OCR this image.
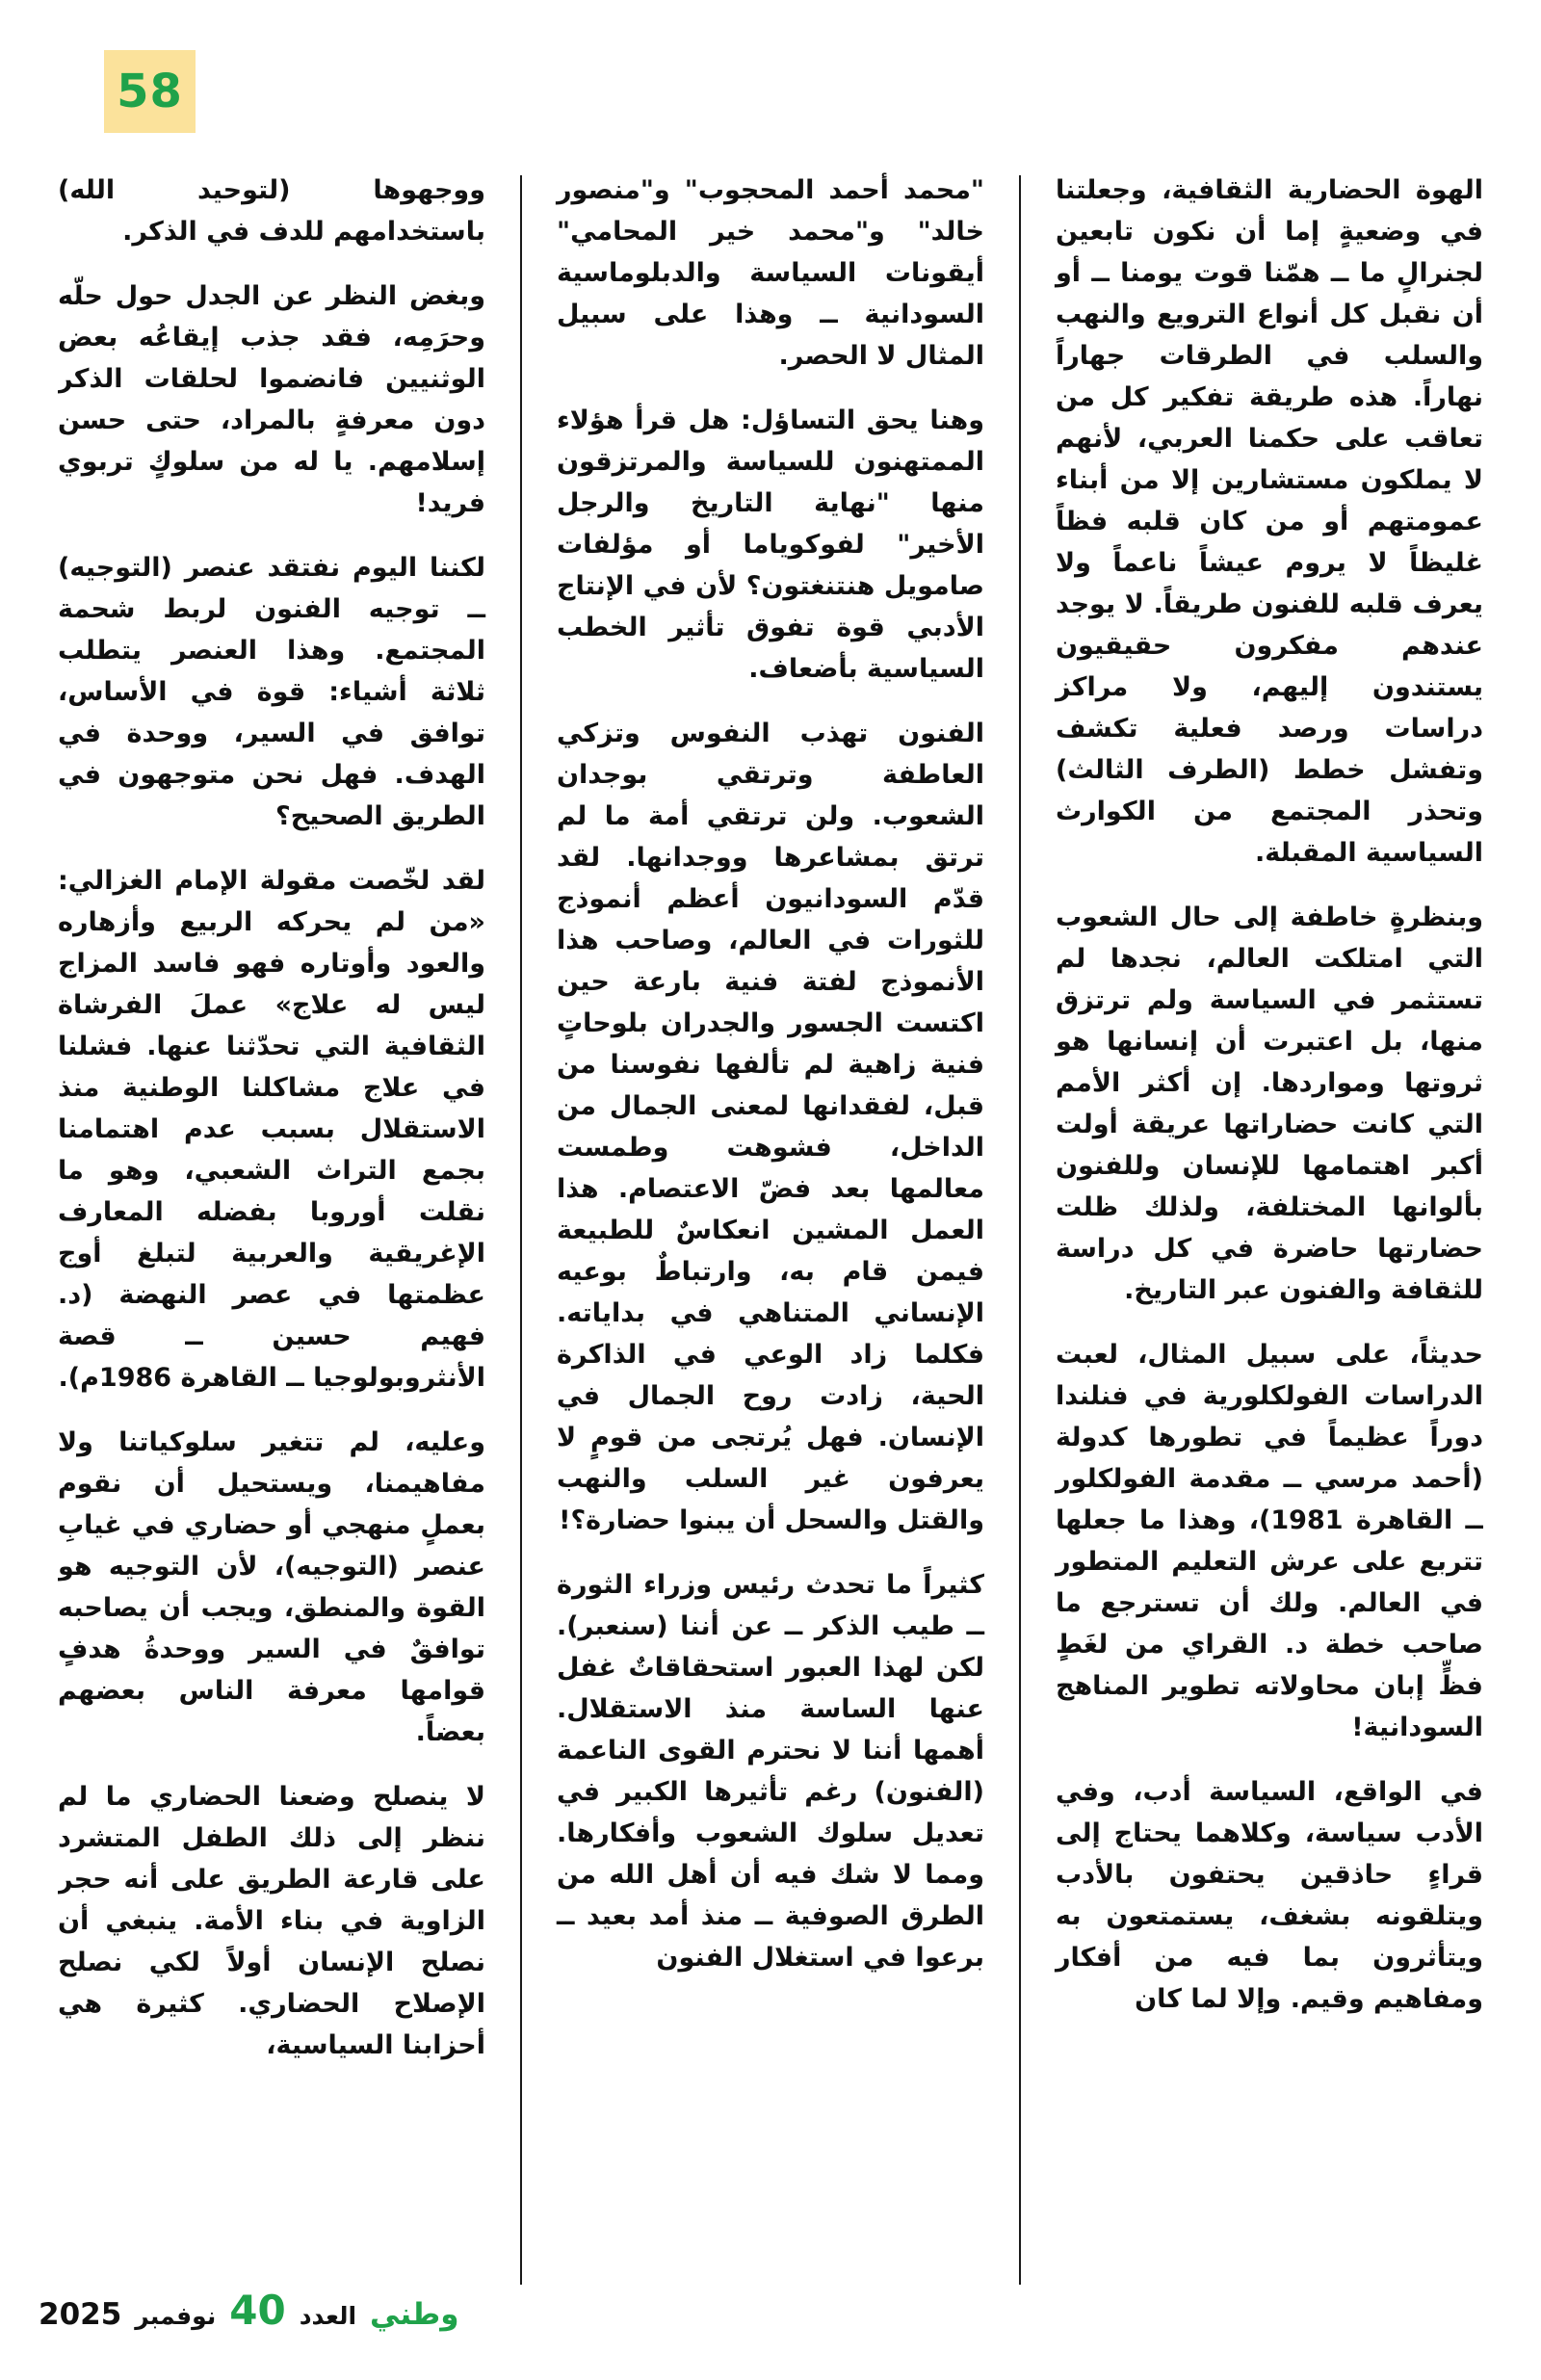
58

الهوة الحضارية الثقافية، وجعلتنا في وضعيةٍ إما أن نكون تابعين لجنرالٍ ما ــ همّنا قوت يومنا ــ أو أن نقبل كل أنواع الترويع والنهب والسلب في الطرقات جهاراً نهاراً. هذه طريقة تفكير كل من تعاقب على حكمنا العربي، لأنهم لا يملكون مستشارين إلا من أبناء عمومتهم أو من كان قلبه فظاً غليظاً لا يروم عيشاً ناعماً ولا يعرف قلبه للفنون طريقاً. لا يوجد عندهم مفكرون حقيقيون يستندون إليهم، ولا مراكز دراسات ورصد فعلية تكشف وتفشل خطط (الطرف الثالث) وتحذر المجتمع من الكوارث السياسية المقبلة.

وبنظرةٍ خاطفة إلى حال الشعوب التي امتلكت العالم، نجدها لم تستثمر في السياسة ولم ترتزق منها، بل اعتبرت أن إنسانها هو ثروتها ومواردها. إن أكثر الأمم التي كانت حضاراتها عريقة أولت أكبر اهتمامها للإنسان وللفنون بألوانها المختلفة، ولذلك ظلت حضارتها حاضرة في كل دراسة للثقافة والفنون عبر التاريخ.

حديثاً، على سبيل المثال، لعبت الدراسات الفولكلورية في فنلندا دوراً عظيماً في تطورها كدولة (أحمد مرسي ــ مقدمة الفولكلور ــ القاهرة 1981)، وهذا ما جعلها تتربع على عرش التعليم المتطور في العالم. ولك أن تسترجع ما صاحب خطة د. القراي من لغَطٍ فظٍّ إبان محاولاته تطوير المناهج السودانية!

في الواقع، السياسة أدب، وفي الأدب سياسة، وكلاهما يحتاج إلى قراءٍ حاذقين يحتفون بالأدب ويتلقونه بشغف، يستمتعون به ويتأثرون بما فيه من أفكار ومفاهيم وقيم. وإلا لما كان

"محمد أحمد المحجوب" و"منصور خالد" و"محمد خير المحامي" أيقونات السياسة والدبلوماسية السودانية ــ وهذا على سبيل المثال لا الحصر.

وهنا يحق التساؤل: هل قرأ هؤلاء الممتهنون للسياسة والمرتزقون منها "نهاية التاريخ والرجل الأخير" لفوكوياما أو مؤلفات صامويل هنتنغتون؟ لأن في الإنتاج الأدبي قوة تفوق تأثير الخطب السياسية بأضعاف.

الفنون تهذب النفوس وتزكي العاطفة وترتقي بوجدان الشعوب. ولن ترتقي أمة ما لم ترتق بمشاعرها ووجدانها. لقد قدّم السودانيون أعظم أنموذج للثورات في العالم، وصاحب هذا الأنموذج لفتة فنية بارعة حين اكتست الجسور والجدران بلوحاتٍ فنية زاهية لم تألفها نفوسنا من قبل، لفقدانها لمعنى الجمال من الداخل، فشوهت وطمست معالمها بعد فضّ الاعتصام. هذا العمل المشين انعكاسٌ للطبيعة فيمن قام به، وارتباطٌ بوعيه الإنساني المتناهي في بداياته. فكلما زاد الوعي في الذاكرة الحية، زادت روح الجمال في الإنسان. فهل يُرتجى من قومٍ لا يعرفون غير السلب والنهب والقتل والسحل أن يبنوا حضارة؟!

كثيراً ما تحدث رئيس وزراء الثورة ــ طيب الذكر ــ عن أننا (سنعبر). لكن لهذا العبور استحقاقاتٌ غفل عنها الساسة منذ الاستقلال. أهمها أننا لا نحترم القوى الناعمة (الفنون) رغم تأثيرها الكبير في تعديل سلوك الشعوب وأفكارها. ومما لا شك فيه أن أهل الله من الطرق الصوفية ــ منذ أمد بعيد ــ برعوا في استغلال الفنون

ووجهوها (لتوحيد الله) باستخدامهم للدف في الذكر.

وبغض النظر عن الجدل حول حلّه وحرَمِه، فقد جذب إيقاعُه بعض الوثنيين فانضموا لحلقات الذكر دون معرفةٍ بالمراد، حتى حسن إسلامهم. يا له من سلوكٍ تربوي فريد!

لكننا اليوم نفتقد عنصر (التوجيه) ــ توجيه الفنون لربط شحمة المجتمع. وهذا العنصر يتطلب ثلاثة أشياء: قوة في الأساس، توافق في السير، ووحدة في الهدف. فهل نحن متوجهون في الطريق الصحيح؟

لقد لخّصت مقولة الإمام الغزالي: «من لم يحركه الربيع وأزهاره والعود وأوتاره فهو فاسد المزاج ليس له علاج» عملَ الفرشاة الثقافية التي تحدّثنا عنها. فشلنا في علاج مشاكلنا الوطنية منذ الاستقلال بسبب عدم اهتمامنا بجمع التراث الشعبي، وهو ما نقلت أوروبا بفضله المعارف الإغريقية والعربية لتبلغ أوج عظمتها في عصر النهضة (د. فهيم حسين ــ قصة الأنثروبولوجيا ــ القاهرة 1986م).

وعليه، لم تتغير سلوكياتنا ولا مفاهيمنا، ويستحيل أن نقوم بعملٍ منهجي أو حضاري في غيابِ عنصر (التوجيه)، لأن التوجيه هو القوة والمنطق، ويجب أن يصاحبه توافقٌ في السير ووحدةُ هدفٍ قوامها معرفة الناس بعضهم بعضاً.

لا ينصلح وضعنا الحضاري ما لم ننظر إلى ذلك الطفل المتشرد على قارعة الطريق على أنه حجر الزاوية في بناء الأمة. ينبغي أن نصلح الإنسان أولاً لكي نصلح الإصلاح الحضاري. كثيرة هي أحزابنا السياسية،

وطني
العدد
40
نوفمبر
2025
